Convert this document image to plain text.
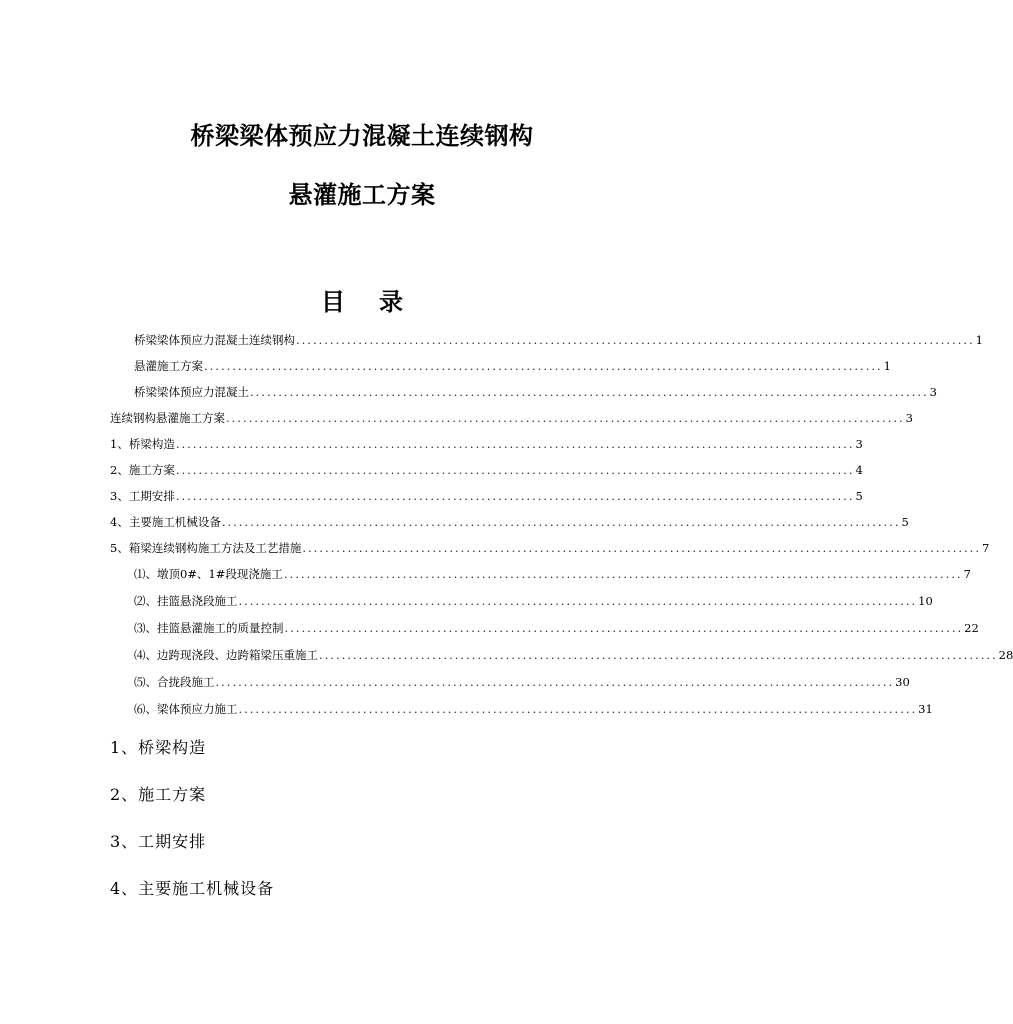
桥梁梁体预应力混凝土连续钢构
悬灌施工方案
目 录
桥梁梁体预应力混凝土连续钢构 ........................................................................................................................ 1
悬灌施工方案 ........................................................................................................................ 1
桥梁梁体预应力混凝土 ........................................................................................................................ 3
连续钢构悬灌施工方案 ........................................................................................................................ 3
1、桥梁构造 ........................................................................................................................ 3
2、施工方案 ........................................................................................................................ 4
3、工期安排 ........................................................................................................................ 5
4、主要施工机械设备 ........................................................................................................................ 5
5、箱梁连续钢构施工方法及工艺措施 ........................................................................................................................ 7
⑴、墩顶0#、1#段现浇施工 ........................................................................................................................ 7
⑵、挂篮悬浇段施工 ........................................................................................................................ 10
⑶、挂篮悬灌施工的质量控制 ........................................................................................................................ 22
⑷、边跨现浇段、边跨箱梁压重施工 ........................................................................................................................ 28
⑸、合拢段施工 ........................................................................................................................ 30
⑹、梁体预应力施工 ........................................................................................................................ 31
1、桥梁构造
2、施工方案
3、工期安排
4、主要施工机械设备
